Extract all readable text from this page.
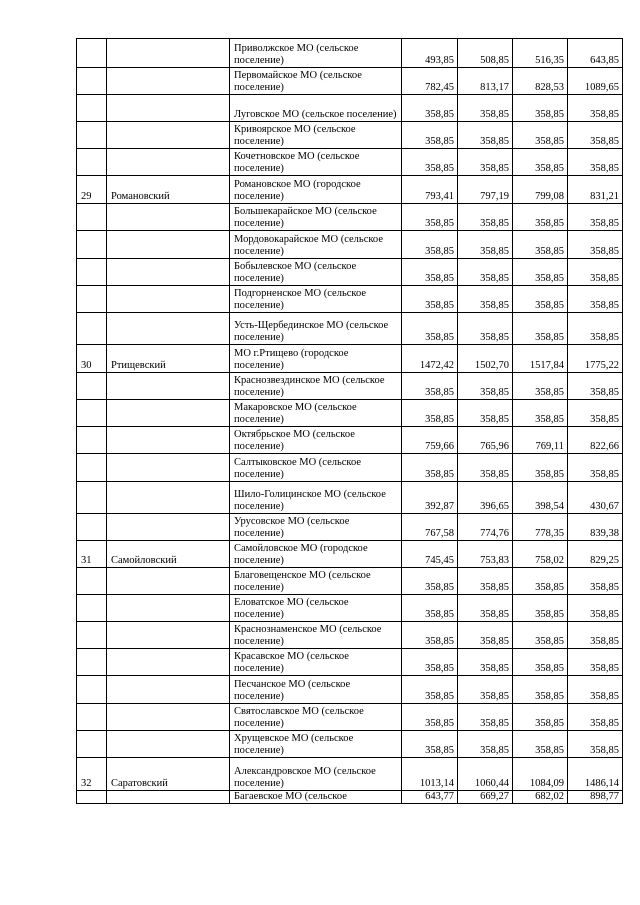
		Приволжское МО (сельское поселение)	493,85	508,85	516,35	643,85
		Первомайское МО (сельское поселение)	782,45	813,17	828,53	1089,65
		Луговское МО (сельское поселение)	358,85	358,85	358,85	358,85
		Кривоярское МО (сельское поселение)	358,85	358,85	358,85	358,85
		Кочетновское МО (сельское поселение)	358,85	358,85	358,85	358,85
29	Романовский	Романовское МО (городское поселение)	793,41	797,19	799,08	831,21
		Большекарайское МО (сельское поселение)	358,85	358,85	358,85	358,85
		Мордовокарайское МО (сельское поселение)	358,85	358,85	358,85	358,85
		Бобылевское МО (сельское поселение)	358,85	358,85	358,85	358,85
		Подгорненское МО (сельское поселение)	358,85	358,85	358,85	358,85
		Усть-Щербединское МО (сельское поселение)	358,85	358,85	358,85	358,85
30	Ртищевский	МО г.Ртищево (городское поселение)	1472,42	1502,70	1517,84	1775,22
		Краснозвездинское МО (сельское поселение)	358,85	358,85	358,85	358,85
		Макаровское МО (сельское поселение)	358,85	358,85	358,85	358,85
		Октябрьское МО (сельское поселение)	759,66	765,96	769,11	822,66
		Салтыковское МО (сельское поселение)	358,85	358,85	358,85	358,85
		Шило-Голицинское МО (сельское поселение)	392,87	396,65	398,54	430,67
		Урусовское МО (сельское поселение)	767,58	774,76	778,35	839,38
31	Самойловский	Самойловское МО (городское поселение)	745,45	753,83	758,02	829,25
		Благовещенское МО (сельское поселение)	358,85	358,85	358,85	358,85
		Еловатское МО (сельское поселение)	358,85	358,85	358,85	358,85
		Краснознаменское МО (сельское поселение)	358,85	358,85	358,85	358,85
		Красавское МО (сельское поселение)	358,85	358,85	358,85	358,85
		Песчанское МО (сельское поселение)	358,85	358,85	358,85	358,85
		Святославское МО (сельское поселение)	358,85	358,85	358,85	358,85
		Хрущевское МО (сельское поселение)	358,85	358,85	358,85	358,85
32	Саратовский	Александровское МО (сельское поселение)	1013,14	1060,44	1084,09	1486,14
		Багаевское МО (сельское	643,77	669,27	682,02	898,77
